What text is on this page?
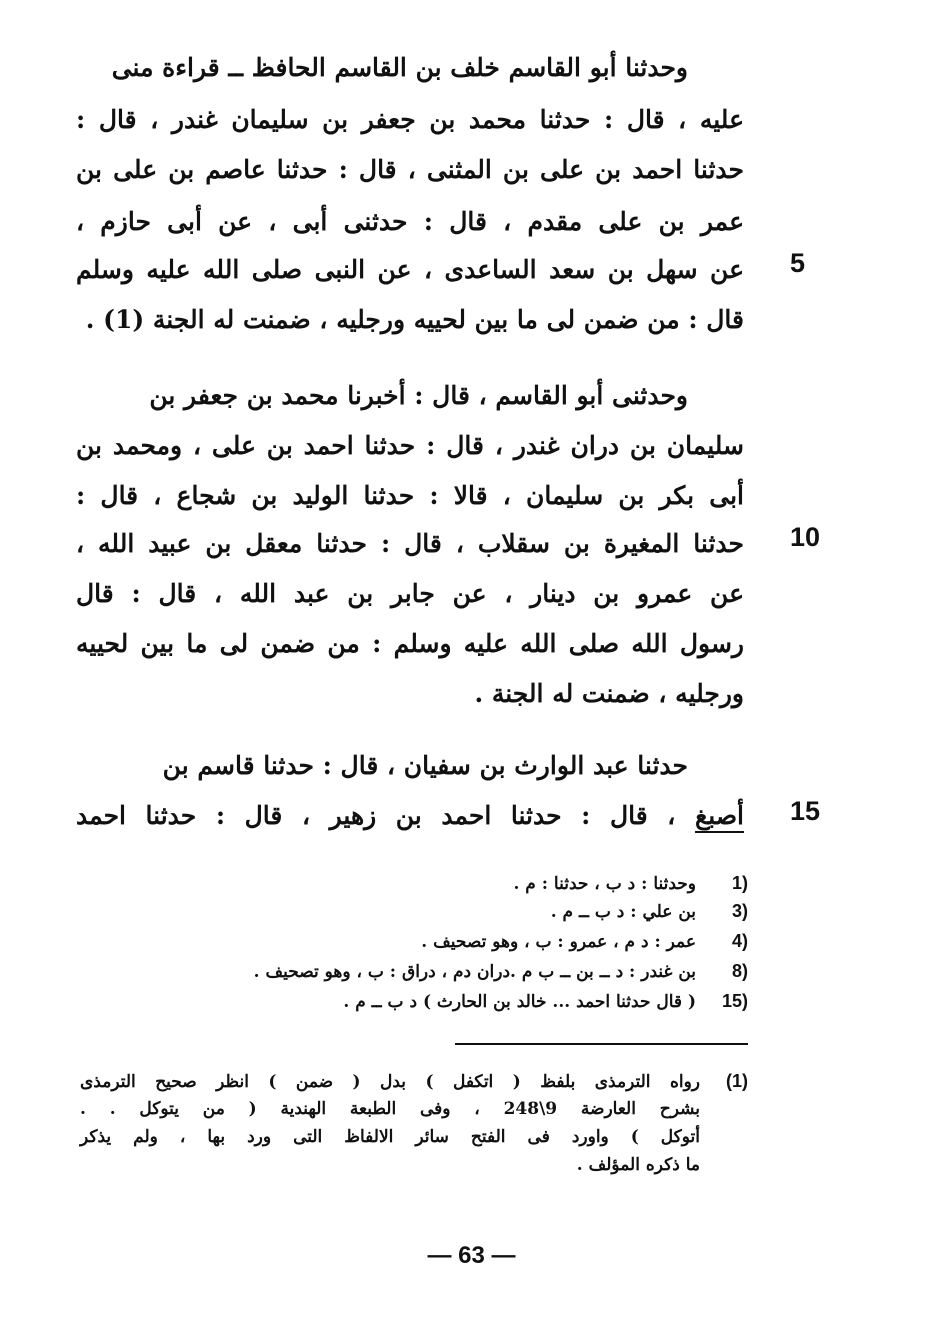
وحدثنا أبو القاسم خلف بن القاسم الحافظ ــ قراءة منى
عليه ، قال : حدثنا محمد بن جعفر بن سليمان غندر ، قال :
حدثنا احمد بن على بن المثنى ، قال : حدثنا عاصم بن على بن
عمر بن على مقدم ، قال : حدثنى أبى ، عن أبى حازم ،
عن سهل بن سعد الساعدى ، عن النبى صلى الله عليه وسلم
قال : من ضمن لى ما بين لحييه ورجليه ، ضمنت له الجنة (1) .
5
وحدثنى أبو القاسم ، قال : أخبرنا محمد بن جعفر بن
سليمان بن دران غندر ، قال : حدثنا احمد بن على ، ومحمد بن
أبى بكر بن سليمان ، قالا : حدثنا الوليد بن شجاع ، قال :
حدثنا المغيرة بن سقلاب ، قال : حدثنا معقل بن عبيد الله ،
عن عمرو بن دينار ، عن جابر بن عبد الله ، قال : قال
رسول الله صلى الله عليه وسلم : من ضمن لى ما بين لحييه
ورجليه ، ضمنت له الجنة .
10
حدثنا عبد الوارث بن سفيان ، قال : حدثنا قاسم بن
أصبغ ، قال : حدثنا احمد بن زهير ، قال : حدثنا احمد	15
1)وحدثنا : د ب ، حدثنا : م .
3)بن علي : د ب ــ م .
4)عمر : د م ، عمرو : ب ، وهو تصحيف .
8)بن غندر : د ــ بن ــ ب م .دران دم ، دراق : ب ، وهو تصحيف .
15)( قال حدثنا احمد ... خالد بن الحارث ) د ب ــ م .
(1)رواه الترمذى بلفظ ( اتكفل ) بدل ( ضمن ) انظر صحيح الترمذى
بشرح العارضة 9\248 ، وفى الطبعة الهندية ( من يتوكل . .
أتوكل ) واورد فى الفتح سائر الالفاظ التى ورد بها ، ولم يذكر
ما ذكره المؤلف .
— 63 —
